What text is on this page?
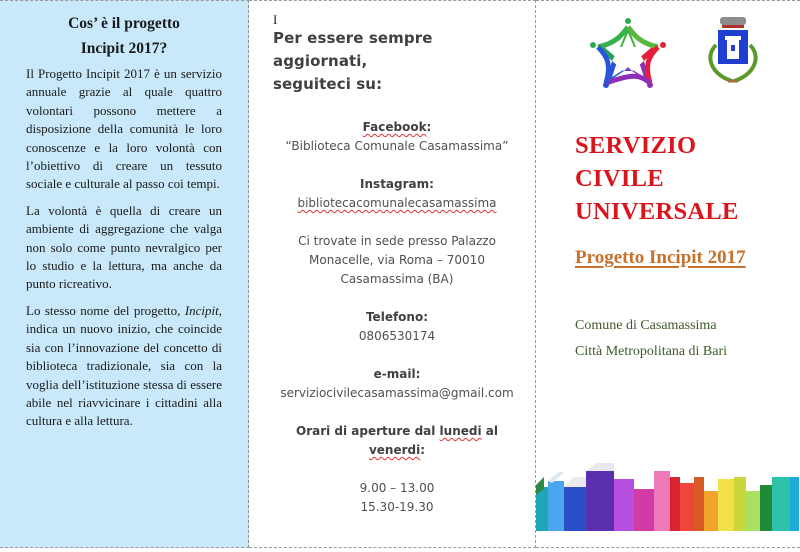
Cos’ è il progetto
Incipit 2017?

Il Progetto Incipit 2017 è un servizio annuale grazie al quale quattro volontari possono mettere a disposizione della comunità le loro conoscenze e la loro volontà con l’obiettivo di creare un tessuto sociale e culturale al passo coi tempi.

La volontà è quella di creare un ambiente di aggregazione che valga non solo come punto nevralgico per lo studio e la lettura, ma anche da punto ricreativo.

Lo stesso nome del progetto, Incipit, indica un nuovo inizio, che coincide sia con l’innovazione del concetto di biblioteca tradizionale, sia con la voglia dell’istituzione stessa di essere abile nel riavvicinare i cittadini alla cultura e alla lettura.

I
Per essere sempre aggiornati,
seguiteci su:
Facebook:
“Biblioteca Comunale Casamassima”
Instagram:
bibliotecacomunalecasamassima
Ci trovate in sede presso Palazzo
Monacelle, via Roma – 70010
Casamassima (BA)
Telefono:
0806530174
e-mail:
serviziocivilecasamassima@gmail.com
Orari di aperture dal lunedi al venerdi:
9.00 – 13.00
15.30-19.30
SERVIZIO
CIVILE
UNIVERSALE
Progetto Incipit 2017
Comune di Casamassima
Città Metropolitana di Bari
